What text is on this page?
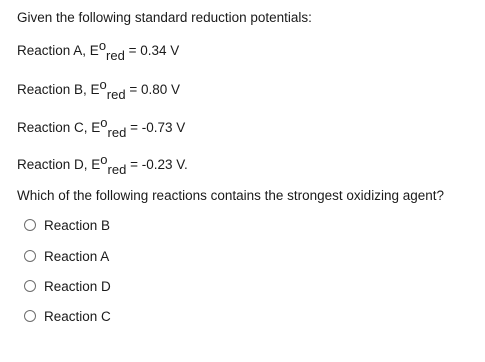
Given the following standard reduction potentials:
Reaction A, Eored = 0.34 V
Reaction B, Eored = 0.80 V
Reaction C, Eored = -0.73 V
Reaction D, Eored = -0.23 V.
Which of the following reactions contains the strongest oxidizing agent?
Reaction B
Reaction A
Reaction D
Reaction C
